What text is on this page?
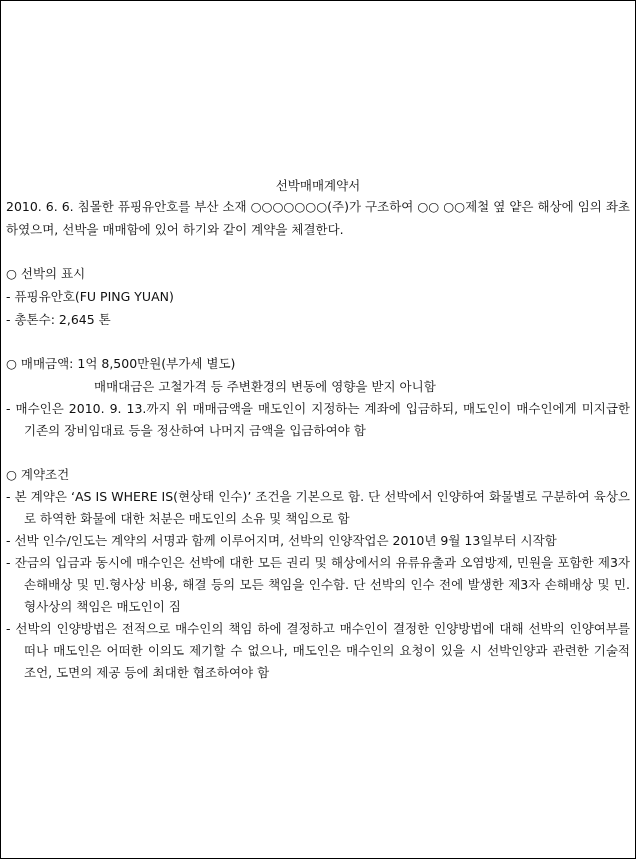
선박매매계약서
2010. 6. 6. 침몰한 퓨핑유안호를 부산 소재 ○○○○○○○(주)가 구조하여 ○○ ○○제철 옆 얕은 해상에 임의 좌초하였으며, 선박을 매매함에 있어 하기와 같이 계약을 체결한다.
○ 선박의 표시
- 퓨핑유안호(FU PING YUAN)
- 총톤수: 2,645 톤
○ 매매금액: 1억 8,500만원(부가세 별도)
매매대금은 고철가격 등 주변환경의 변동에 영향을 받지 아니함
- 매수인은 2010. 9. 13.까지 위 매매금액을 매도인이 지정하는 계좌에 입금하되, 매도인이 매수인에게 미지급한 기존의 장비임대료 등을 정산하여 나머지 금액을 입금하여야 함
○ 계약조건
- 본 계약은 ‘AS IS WHERE IS(현상태 인수)’ 조건을 기본으로 함. 단 선박에서 인양하여 화물별로 구분하여 육상으로 하역한 화물에 대한 처분은 매도인의 소유 및 책임으로 함
- 선박 인수/인도는 계약의 서명과 함께 이루어지며, 선박의 인양작업은 2010년 9월 13일부터 시작함
- 잔금의 입금과 동시에 매수인은 선박에 대한 모든 권리 및 해상에서의 유류유출과 오염방제, 민원을 포함한 제3자 손해배상 및 민.형사상 비용, 해결 등의 모든 책임을 인수함. 단 선박의 인수 전에 발생한 제3자 손해배상 및 민.형사상의 책임은 매도인이 짐
- 선박의 인양방법은 전적으로 매수인의 책임 하에 결정하고 매수인이 결정한 인양방법에 대해 선박의 인양여부를 떠나 매도인은 어떠한 이의도 제기할 수 없으나, 매도인은 매수인의 요청이 있을 시 선박인양과 관련한 기술적 조언, 도면의 제공 등에 최대한 협조하여야 함
